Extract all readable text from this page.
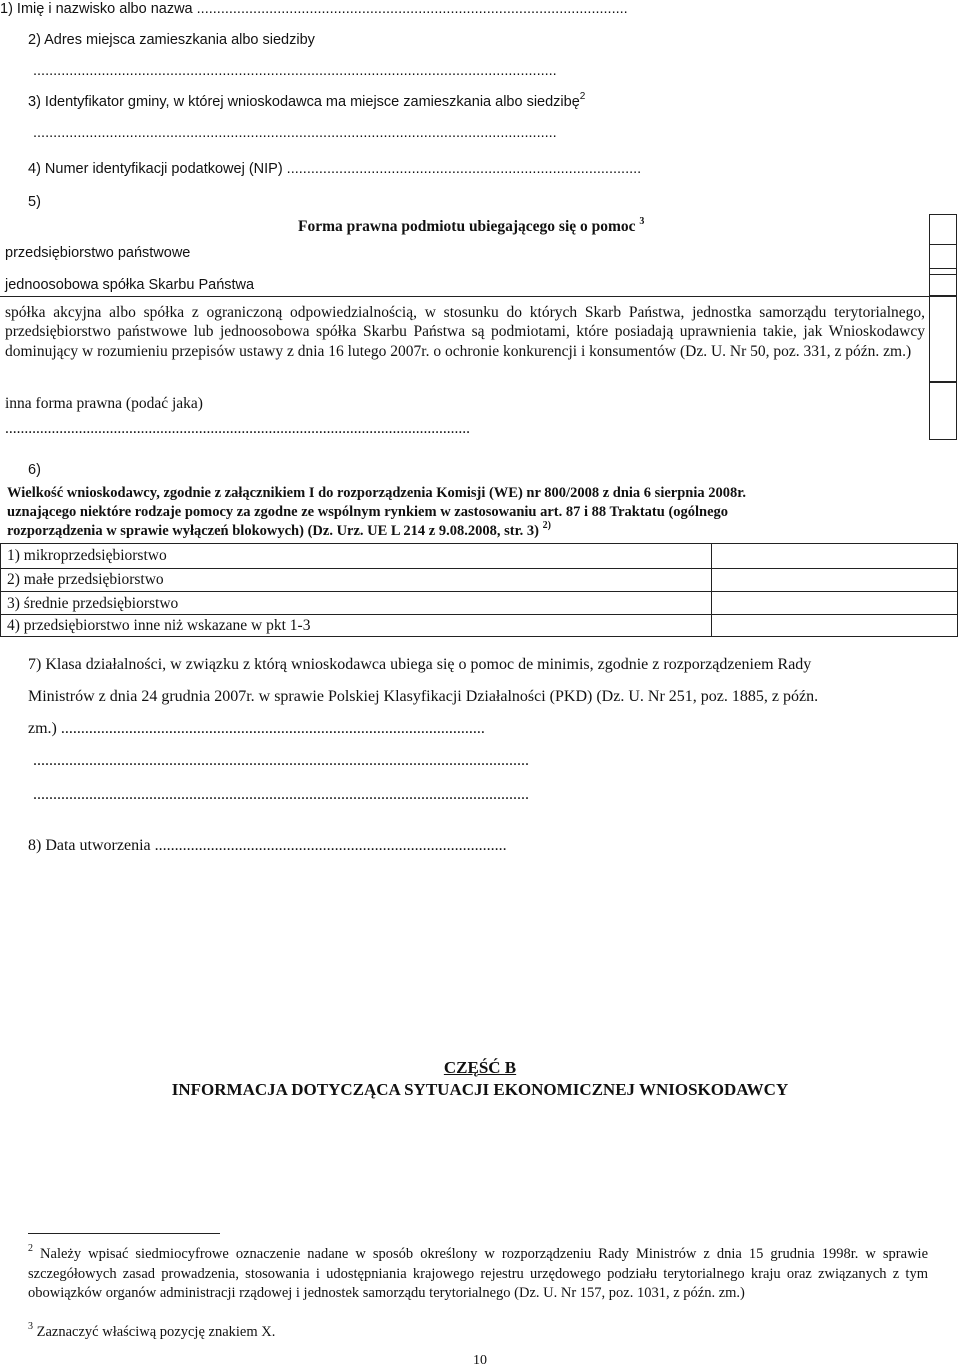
1) Imię i nazwisko albo nazwa ...........................................................................................................
2) Adres miejsca zamieszkania albo siedziby
..................................................................................................................................
3) Identyfikator gminy, w której wnioskodawca ma miejsce zamieszkania albo siedzibę$^2$
..................................................................................................................................
4) Numer identyfikacji podatkowej (NIP) ........................................................................................
5)
Forma prawna podmiotu ubiegającego się o pomoc $^3$
przedsiębiorstwo państwowe
jednoosobowa spółka Skarbu Państwa
spółka akcyjna albo spółka z ograniczoną odpowiedzialnością, w stosunku do których Skarb Państwa, jednostka samorządu terytorialnego, przedsiębiorstwo państwowe lub jednoosobowa spółka Skarbu Państwa są podmiotami, które posiadają uprawnienia takie, jak Wnioskodawcy dominujący w rozumieniu przepisów ustawy z dnia 16 lutego 2007r. o ochronie konkurencji i konsumentów (Dz. U. Nr 50, poz. 331, z późn. zm.)
inna forma prawna (podać jaka)
........................................................................................................................
6)
Wielkość wnioskodawcy, zgodnie z załącznikiem I do rozporządzenia Komisji (WE) nr 800/2008 z dnia 6 sierpnia 2008r.
uznającego niektóre rodzaje pomocy za zgodne ze wspólnym rynkiem w zastosowaniu art. 87 i 88 Traktatu (ogólnego
rozporządzenia w sprawie wyłączeń blokowych) (Dz. Urz. UE L 214 z 9.08.2008, str. 3) $^{2)}$
1) mikroprzedsiębiorstwo
2) małe przedsiębiorstwo
3) średnie przedsiębiorstwo
4) przedsiębiorstwo inne niż wskazane w pkt 1-3
7) Klasa działalności, w związku z którą wnioskodawca ubiega się o pomoc de minimis, zgodnie z rozporządzeniem Rady
Ministrów z dnia 24 grudnia 2007r. w sprawie Polskiej Klasyfikacji Działalności (PKD) (Dz. U. Nr 251, poz. 1885, z późn.
zm.) ..........................................................................................................
............................................................................................................................
............................................................................................................................
8) Data utworzenia ........................................................................................
CZĘŚĆ B
INFORMACJA DOTYCZĄCA SYTUACJI EKONOMICZNEJ WNIOSKODAWCY
$^2$ Należy wpisać siedmiocyfrowe oznaczenie nadane w sposób określony w rozporządzeniu Rady Ministrów z dnia 15 grudnia 1998r. w sprawie szczegółowych zasad prowadzenia, stosowania i udostępniania krajowego rejestru urzędowego podziału terytorialnego kraju oraz związanych z tym obowiązków organów administracji rządowej i jednostek samorządu terytorialnego (Dz. U. Nr 157, poz. 1031, z późn. zm.)
$^3$ Zaznaczyć właściwą pozycję znakiem X.
10
